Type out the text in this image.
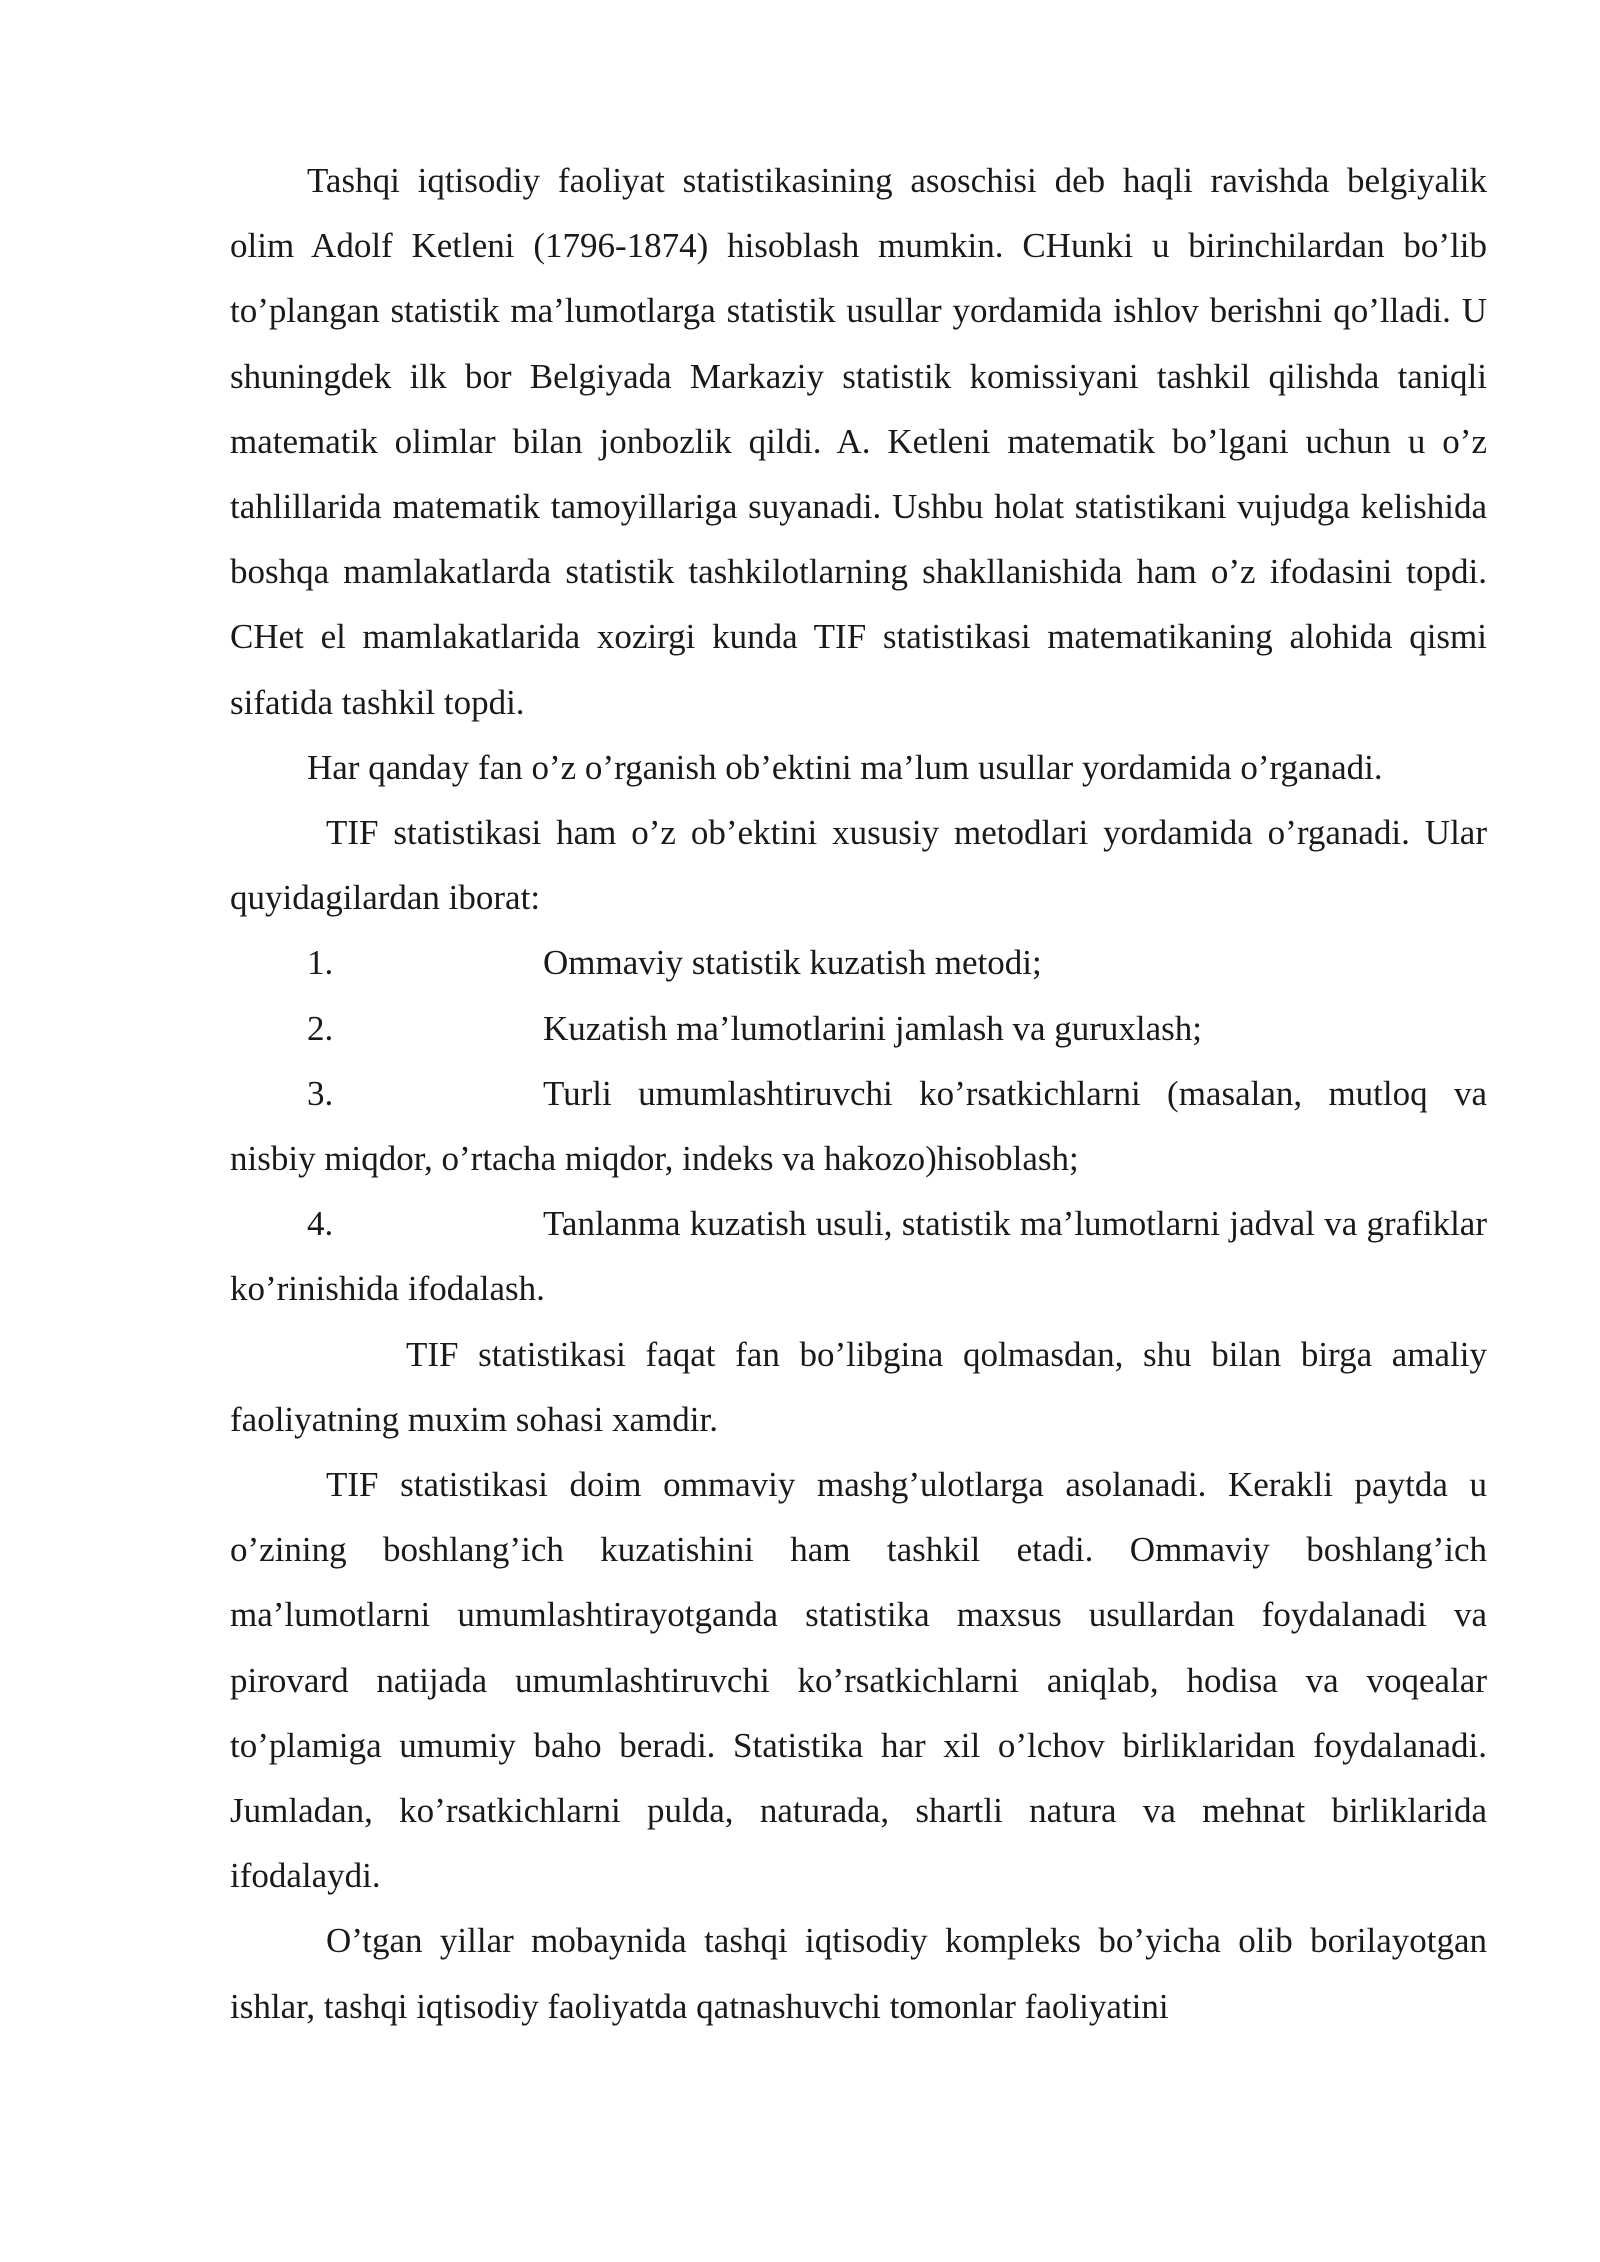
Tashqi iqtisodiy faoliyat statistikasining asoschisi deb haqli ravishda belgiyalik olim Adolf Ketleni (1796-1874) hisoblash mumkin. CHunki u birinchilardan bo’lib to’plangan statistik ma’lumotlarga statistik usullar yordamida ishlov berishni qo’lladi. U shuningdek ilk bor Belgiyada Markaziy statistik komissiyani tashkil qilishda taniqli matematik olimlar bilan jonbozlik qildi. A. Ketleni matematik bo’lgani uchun u o’z tahlillarida matematik tamoyillariga suyanadi. Ushbu holat statistikani vujudga kelishida boshqa mamlakatlarda statistik tashkilotlarning shakllanishida ham o’z ifodasini topdi. CHet el mamlakatlarida xozirgi kunda TIF statistikasi matematikaning alohida qismi sifatida tashkil topdi.

Har qanday fan o’z o’rganish ob’ektini ma’lum usullar yordamida o’rganadi.

TIF statistikasi ham o’z ob’ektini xususiy metodlari yordamida o’rganadi. Ular quyidagilardan iborat:

1.	Ommaviy statistik kuzatish metodi;

2.	Kuzatish ma’lumotlarini jamlash va guruxlash;

3.	Turli umumlashtiruvchi ko’rsatkichlarni (masalan, mutloq va nisbiy miqdor, o’rtacha miqdor, indeks va hakozo)hisoblash;

4.	Tanlanma kuzatish usuli, statistik ma’lumotlarni jadval va grafiklar ko’rinishida ifodalash.

TIF statistikasi faqat fan bo’libgina qolmasdan, shu bilan birga amaliy faoliyatning muxim sohasi xamdir.

TIF statistikasi doim ommaviy mashg’ulotlarga asolanadi. Kerakli paytda u o’zining boshlang’ich kuzatishini ham tashkil etadi. Ommaviy boshlang’ich ma’lumotlarni umumlashtirayotganda statistika maxsus usullardan foydalanadi va pirovard natijada umumlashtiruvchi ko’rsatkichlarni aniqlab, hodisa va voqealar to’plamiga umumiy baho beradi. Statistika har xil o’lchov birliklaridan foydalanadi. Jumladan, ko’rsatkichlarni pulda, naturada, shartli natura va mehnat birliklarida ifodalaydi.

O’tgan yillar mobaynida tashqi iqtisodiy kompleks bo’yicha olib borilayotgan ishlar, tashqi iqtisodiy faoliyatda qatnashuvchi tomonlar faoliyatini
